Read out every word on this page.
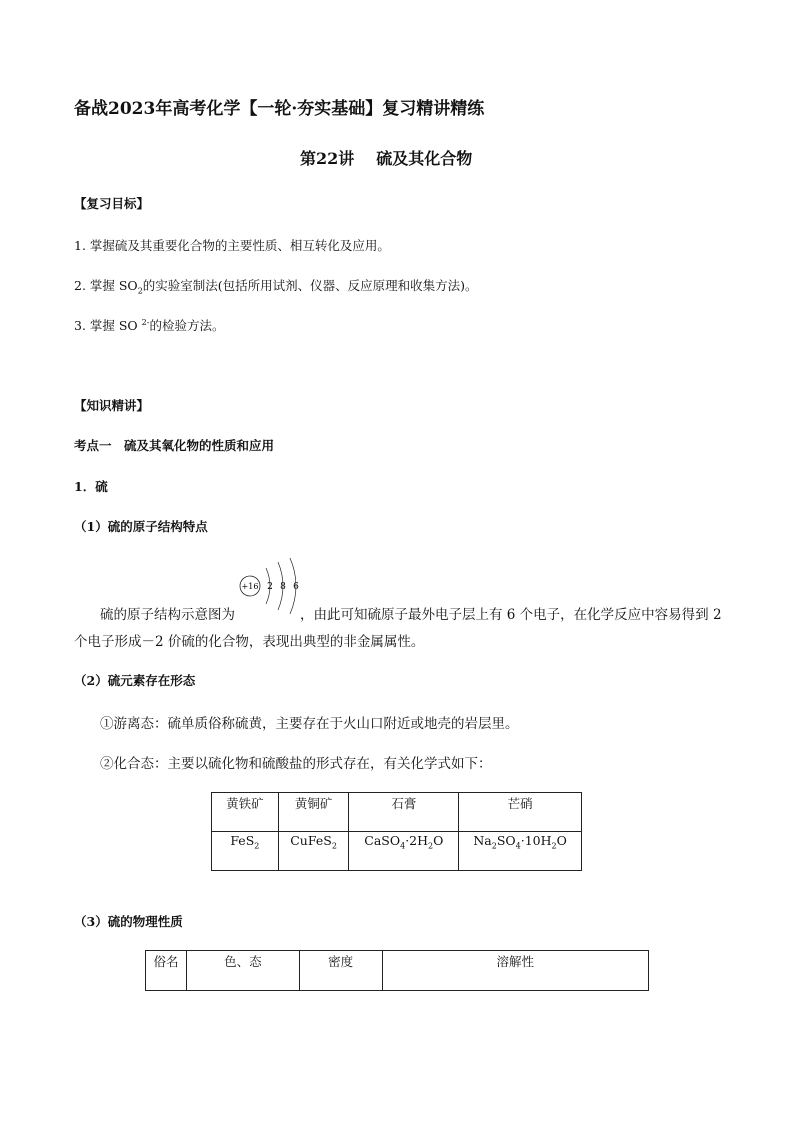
备战2023年高考化学【一轮·夯实基础】复习精讲精练
第22讲 硫及其化合物
【复习目标】
1. 掌握硫及其重要化合物的主要性质、相互转化及应用。
2. 掌握 $SO_2$的实验室制法(包括所用试剂、仪器、反应原理和收集方法)。
3. 掌握 SO $^{2-}$的检验方法。
【知识精讲】
考点一　硫及其氧化物的性质和应用
1．硫
（1）硫的原子结构特点
+16 2 8 6
硫的原子结构示意图为	，由此可知硫原子最外电子层上有 6 个电子，在化学反应中容易得到 2
个电子形成－2 价硫的化合物，表现出典型的非金属属性。
（2）硫元素存在形态
①游离态：硫单质俗称硫黄，主要存在于火山口附近或地壳的岩层里。
②化合态：主要以硫化物和硫酸盐的形式存在，有关化学式如下：
黄铁矿	黄铜矿	石膏	芒硝
FeS$_2$	CuFeS$_2$	$CaSO_4\cdot 2H_2O$	$Na_2SO_4\cdot 10H_2O$
（3）硫的物理性质
俗名	色、态	密度	溶解性
